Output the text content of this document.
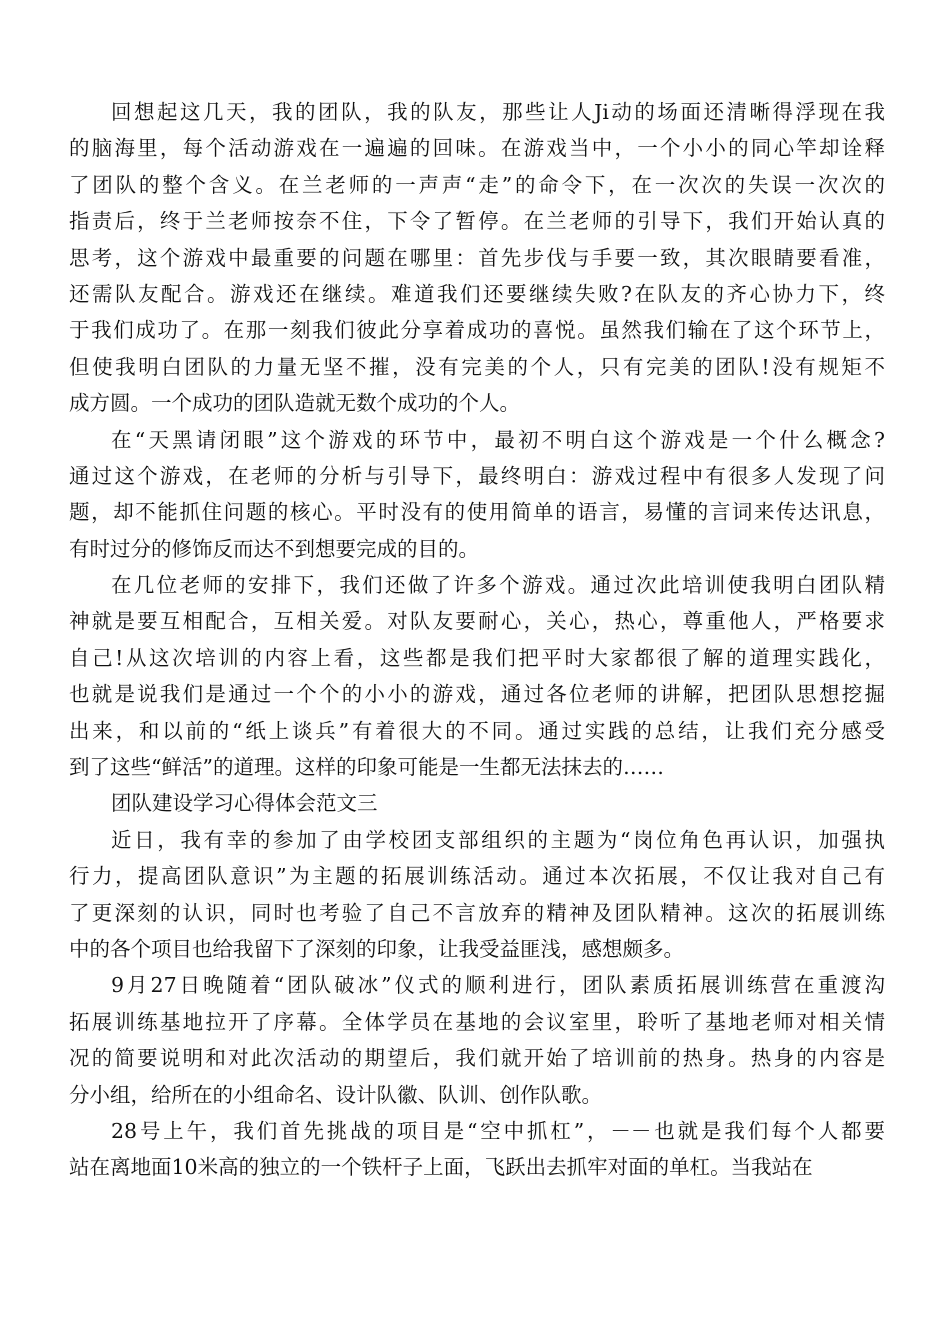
回想起这几天，我的团队，我的队友，那些让人Ji动的场面还清晰得浮现在我
的脑海里，每个活动游戏在一遍遍的回味。在游戏当中，一个小小的同心竿却诠释
了团队的整个含义。在兰老师的一声声“走”的命令下，在一次次的失误一次次的
指责后，终于兰老师按奈不住，下令了暂停。在兰老师的引导下，我们开始认真的
思考，这个游戏中最重要的问题在哪里：首先步伐与手要一致，其次眼睛要看准，
还需队友配合。游戏还在继续。难道我们还要继续失败?在队友的齐心协力下，终
于我们成功了。在那一刻我们彼此分享着成功的喜悦。虽然我们输在了这个环节上，
但使我明白团队的力量无坚不摧，没有完美的个人，只有完美的团队!没有规矩不
成方圆。一个成功的团队造就无数个成功的个人。
在“天黑请闭眼”这个游戏的环节中，最初不明白这个游戏是一个什么概念?
通过这个游戏，在老师的分析与引导下，最终明白：游戏过程中有很多人发现了问
题，却不能抓住问题的核心。平时没有的使用简单的语言，易懂的言词来传达讯息，
有时过分的修饰反而达不到想要完成的目的。
在几位老师的安排下，我们还做了许多个游戏。通过次此培训使我明白团队精
神就是要互相配合，互相关爱。对队友要耐心，关心，热心，尊重他人，严格要求
自己!从这次培训的内容上看，这些都是我们把平时大家都很了解的道理实践化，
也就是说我们是通过一个个的小小的游戏，通过各位老师的讲解，把团队思想挖掘
出来，和以前的“纸上谈兵”有着很大的不同。通过实践的总结，让我们充分感受
到了这些“鲜活”的道理。这样的印象可能是一生都无法抹去的……
团队建设学习心得体会范文三
近日，我有幸的参加了由学校团支部组织的主题为“岗位角色再认识，加强执
行力，提高团队意识”为主题的拓展训练活动。通过本次拓展，不仅让我对自己有
了更深刻的认识，同时也考验了自己不言放弃的精神及团队精神。这次的拓展训练
中的各个项目也给我留下了深刻的印象，让我受益匪浅，感想颇多。
9月27日晚随着“团队破冰”仪式的顺利进行，团队素质拓展训练营在重渡沟
拓展训练基地拉开了序幕。全体学员在基地的会议室里，聆听了基地老师对相关情
况的简要说明和对此次活动的期望后，我们就开始了培训前的热身。热身的内容是
分小组，给所在的小组命名、设计队徽、队训、创作队歌。
28号上午，我们首先挑战的项目是“空中抓杠”，－－也就是我们每个人都要
站在离地面10米高的独立的一个铁杆子上面，飞跃出去抓牢对面的单杠。当我站在
